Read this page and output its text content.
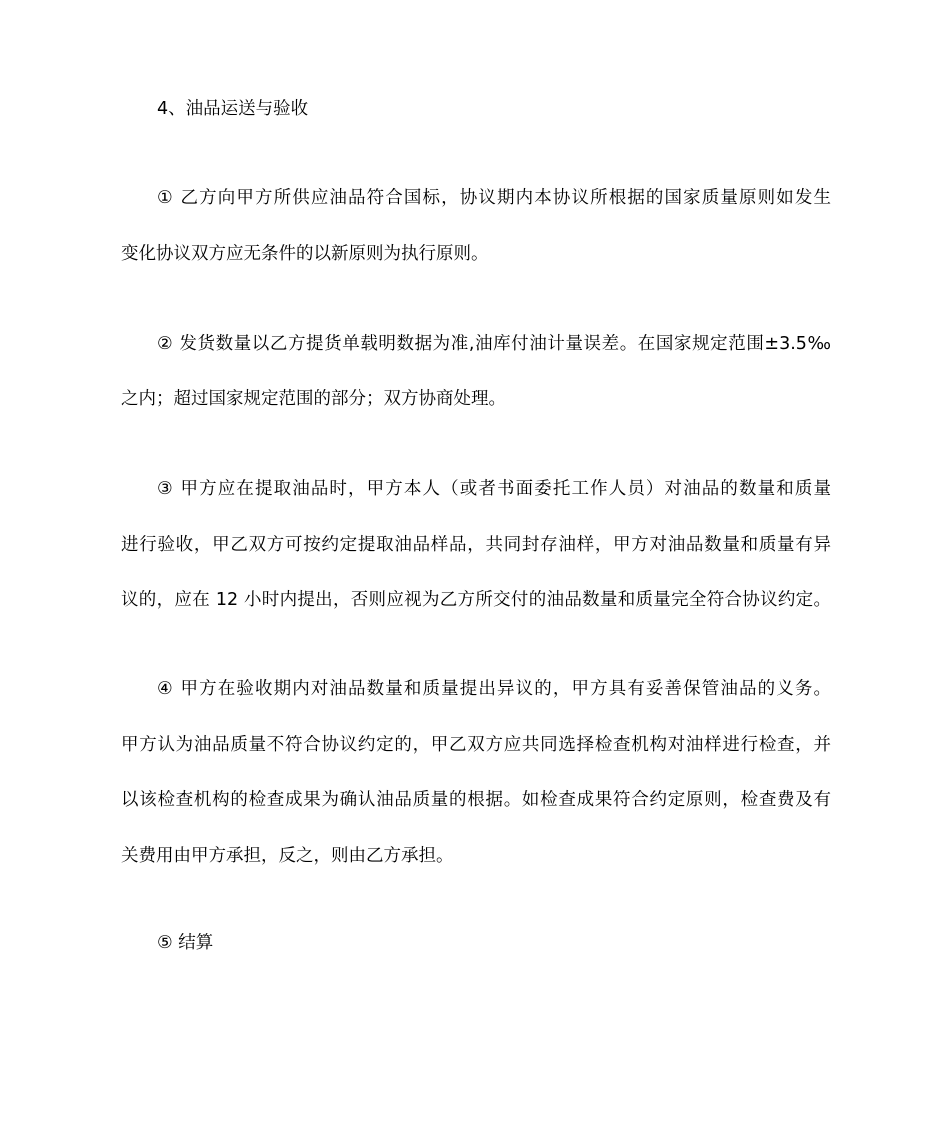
4、油品运送与验收
① 乙方向甲方所供应油品符合国标，协议期内本协议所根据的国家质量原则如发生
变化协议双方应无条件的以新原则为执行原则。
② 发货数量以乙方提货单载明数据为准,油库付油计量误差。在国家规定范围±3.5‰
之内；超过国家规定范围的部分；双方协商处理。
③ 甲方应在提取油品时，甲方本人（或者书面委托工作人员）对油品的数量和质量
进行验收，甲乙双方可按约定提取油品样品，共同封存油样，甲方对油品数量和质量有异
议的，应在 12 小时内提出，否则应视为乙方所交付的油品数量和质量完全符合协议约定。
④ 甲方在验收期内对油品数量和质量提出异议的，甲方具有妥善保管油品的义务。
甲方认为油品质量不符合协议约定的，甲乙双方应共同选择检查机构对油样进行检查，并
以该检查机构的检查成果为确认油品质量的根据。如检查成果符合约定原则，检查费及有
关费用由甲方承担，反之，则由乙方承担。
⑤ 结算
